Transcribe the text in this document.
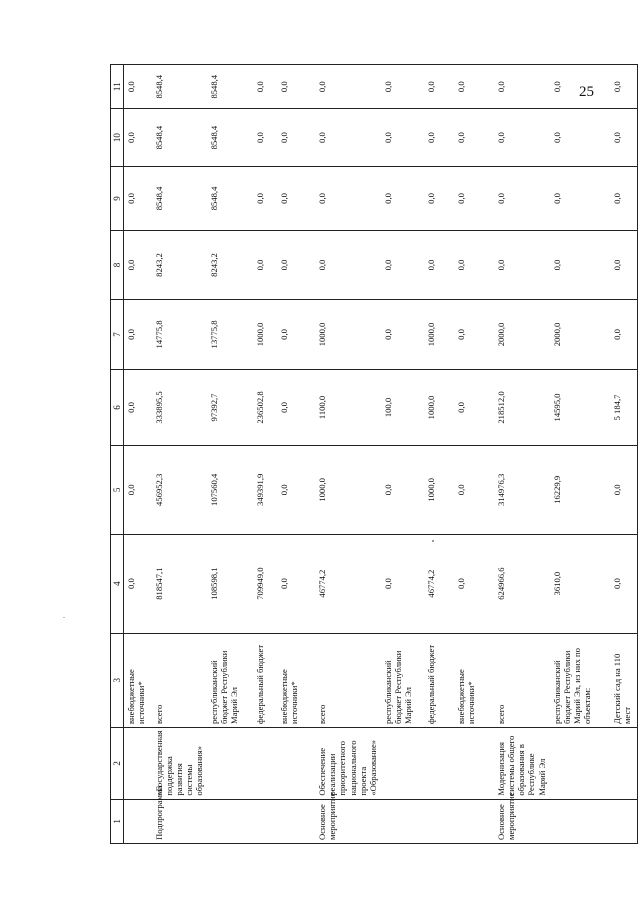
25
1	2	3	4	5	6	7	8	9	10	11
		внебюджетные источники*	0,0	0,0	0,0	0,0	0,0	0,0	0,0	0,0
Подпрограмма	«Государственная поддержка развития системы образования»	всего	818547,1	456952,3	333895,5	14775,8	8243,2	8548,4	8548,4	8548,4
		республиканский бюджет Республики Марий Эл	108598,1	107560,4	97392,7	13775,8	8243,2	8548,4	8548,4	8548,4
		федеральный бюджет	709949,0	349391,9	236502,8	1000,0	0,0	0,0	0,0	0,0
		внебюджетные источники*	0,0	0,0	0,0	0,0	0,0	0,0	0,0	0,0
Основное мероприятие	Обеспечение реализации приоритетного национального проекта «Образование»	всего	46774,2	1000,0	1100,0	1000,0	0,0	0,0	0,0	0,0
		республиканский бюджет Республики Марий Эл	0,0	0,0	100,0	0,0	0,0	0,0	0,0	0,0
		федеральный бюджет	46774,2	1000,0	1000,0	1000,0	0,0	0,0	0,0	0,0
		внебюджетные источники*	0,0	0,0	0,0	0,0	0,0	0,0	0,0	0,0
Основное мероприятие	Модернизация системы общего образования в Республике Марий Эл	всего	624966,6	314976,3	218512,0	2000,0	0,0	0,0	0,0	0,0
		республиканский бюджет Республики Марий Эл, из них по объектам:	3610,0	16229,9	14595,0	2000,0	0,0	0,0	0,0	0,0
		Детский сад на 110 мест	0,0	0,0	5 184,7	0,0	0,0	0,0	0,0	0,0
